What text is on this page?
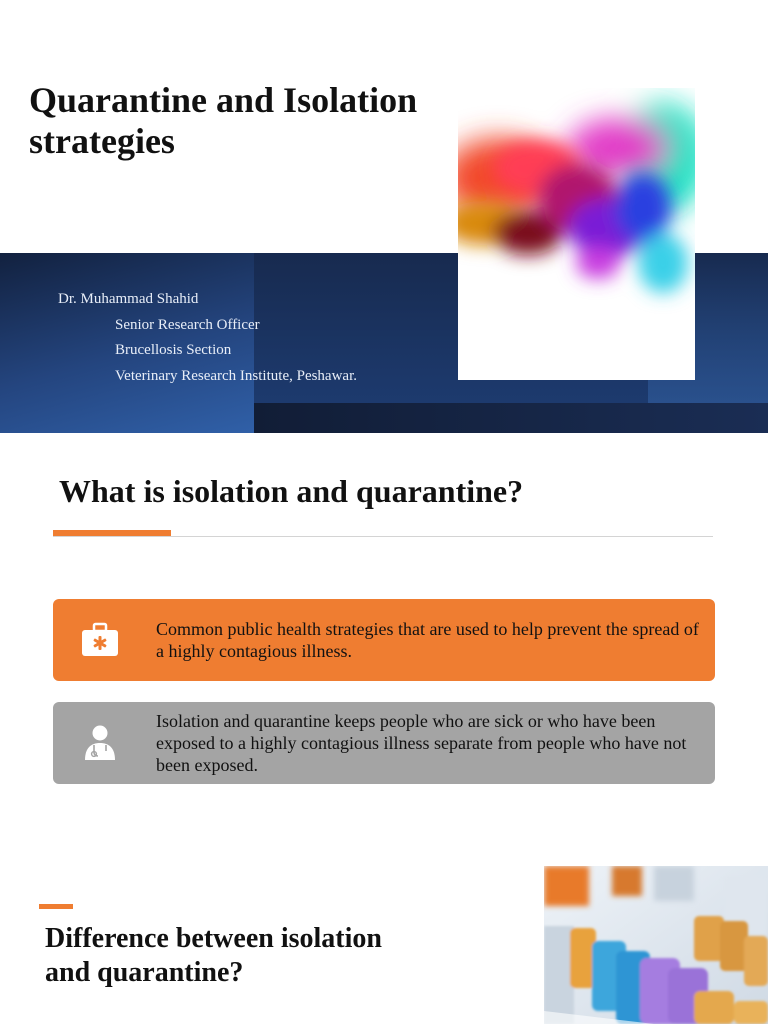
Quarantine and Isolation
strategies
Dr. Muhammad Shahid
Senior Research Officer
Brucellosis Section
Veterinary Research Institute, Peshawar.
What is isolation and quarantine?
Common public health strategies that are used to help prevent the spread of a highly contagious illness.
Isolation and quarantine keeps people who are sick or who have been exposed to a highly contagious illness separate from people who have not been exposed.
Difference between isolation
and quarantine?
